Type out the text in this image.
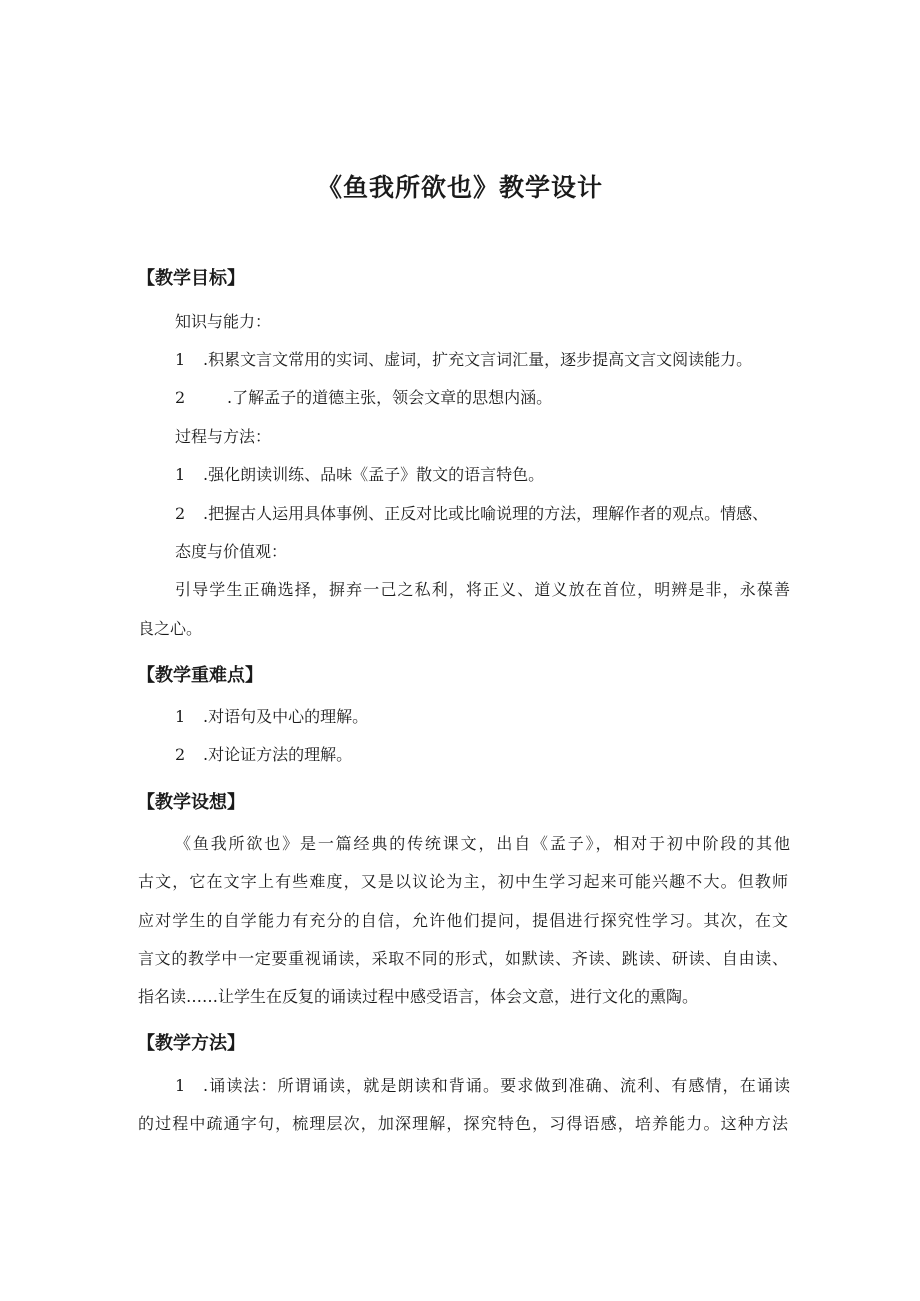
《鱼我所欲也》教学设计
【教学目标】
知识与能力：
1 .积累文言文常用的实词、虚词，扩充文言词汇量，逐步提高文言文阅读能力。
2	.了解孟子的道德主张，领会文章的思想内涵。
过程与方法：
1 .强化朗读训练、品味《孟子》散文的语言特色。
2 .把握古人运用具体事例、正反对比或比喻说理的方法，理解作者的观点。情感、
态度与价值观：
引导学生正确选择，摒弃一己之私利，将正义、道义放在首位，明辨是非，永葆善
良之心。
【教学重难点】
1 .对语句及中心的理解。
2 .对论证方法的理解。
【教学设想】
《鱼我所欲也》是一篇经典的传统课文，出自《孟子》，相对于初中阶段的其他
古文，它在文字上有些难度，又是以议论为主，初中生学习起来可能兴趣不大。但教师
应对学生的自学能力有充分的自信，允许他们提问，提倡进行探究性学习。其次，在文
言文的教学中一定要重视诵读，采取不同的形式，如默读、齐读、跳读、研读、自由读、
指名读……让学生在反复的诵读过程中感受语言，体会文意，进行文化的熏陶。
【教学方法】
1 .诵读法：所谓诵读，就是朗读和背诵。要求做到准确、流利、有感情，在诵读
的过程中疏通字句，梳理层次，加深理解，探究特色，习得语感，培养能力。这种方法
